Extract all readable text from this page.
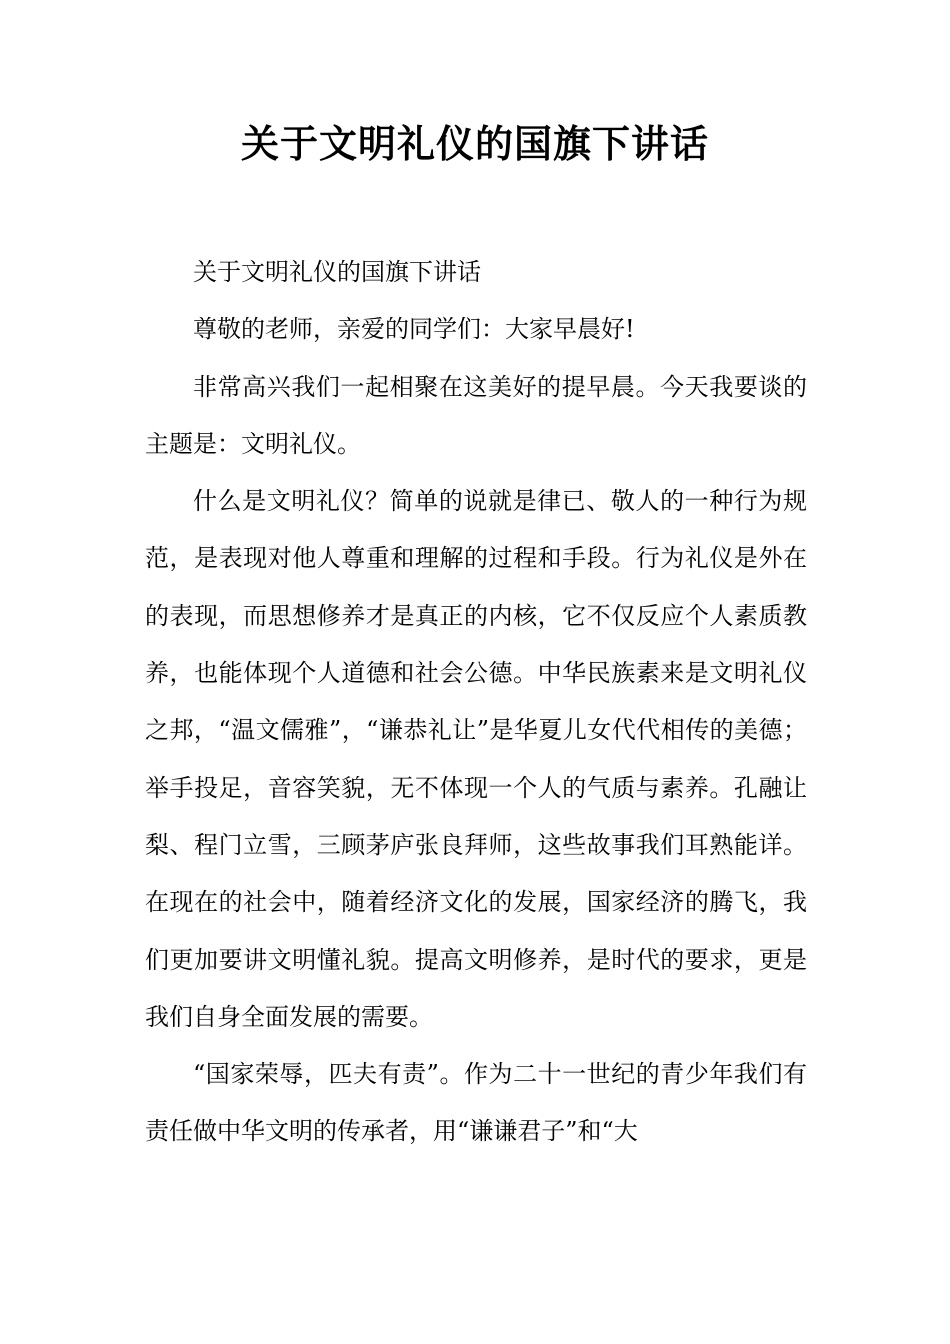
关于文明礼仪的国旗下讲话

关于文明礼仪的国旗下讲话

尊敬的老师，亲爱的同学们：大家早晨好!

非常高兴我们一起相聚在这美好的提早晨。今天我要谈的主题是：文明礼仪。

什么是文明礼仪？简单的说就是律已、敬人的一种行为规范，是表现对他人尊重和理解的过程和手段。行为礼仪是外在的表现，而思想修养才是真正的内核，它不仅反应个人素质教养，也能体现个人道德和社会公德。中华民族素来是文明礼仪之邦，“温文儒雅”，“谦恭礼让”是华夏儿女代代相传的美德；举手投足，音容笑貌，无不体现一个人的气质与素养。孔融让梨、程门立雪，三顾茅庐张良拜师，这些故事我们耳熟能详。在现在的社会中，随着经济文化的发展，国家经济的腾飞，我们更加要讲文明懂礼貌。提高文明修养，是时代的要求，更是我们自身全面发展的需要。

“国家荣辱，匹夫有责”。作为二十一世纪的青少年我们有责任做中华文明的传承者，用“谦谦君子”和“大
